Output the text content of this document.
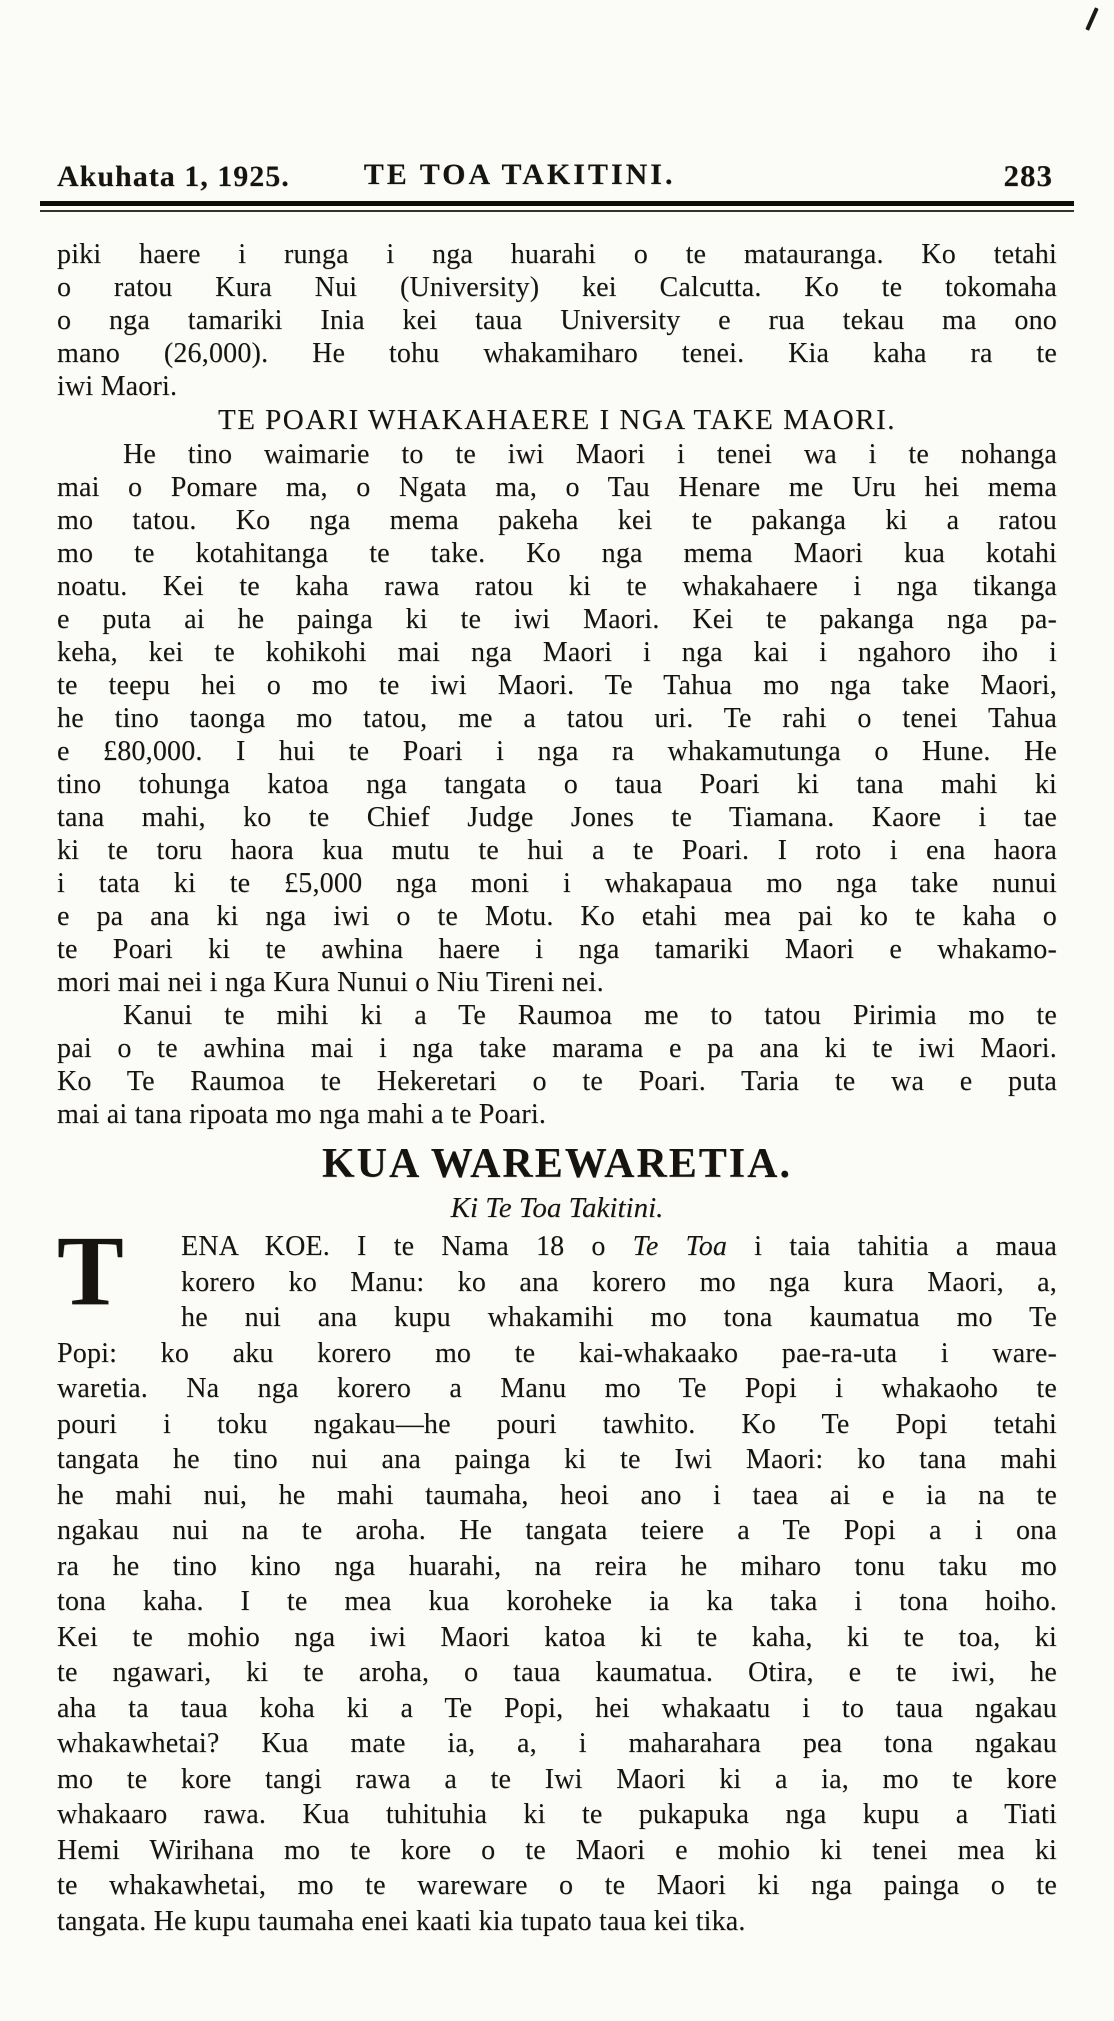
Akuhata 1, 1925. TE TOA TAKITINI.	283
piki haere i runga i nga huarahi o te matauranga. Ko tetahi
o ratou Kura Nui (University) kei Calcutta. Ko te tokomaha
o nga tamariki Inia kei taua University e rua tekau ma ono
mano (26,000). He tohu whakamiharo tenei. Kia kaha ra te
iwi Maori.
TE POARI WHAKAHAERE I NGA TAKE MAORI.
He tino waimarie to te iwi Maori i tenei wa i te nohanga
mai o Pomare ma, o Ngata ma, o Tau Henare me Uru hei mema
mo tatou. Ko nga mema pakeha kei te pakanga ki a ratou
mo te kotahitanga te take. Ko nga mema Maori kua kotahi
noatu. Kei te kaha rawa ratou ki te whakahaere i nga tikanga
e puta ai he painga ki te iwi Maori. Kei te pakanga nga pa-
keha, kei te kohikohi mai nga Maori i nga kai i ngahoro iho i
te teepu hei o mo te iwi Maori. Te Tahua mo nga take Maori,
he tino taonga mo tatou, me a tatou uri. Te rahi o tenei Tahua
e £80,000. I hui te Poari i nga ra whakamutunga o Hune. He
tino tohunga katoa nga tangata o taua Poari ki tana mahi ki
tana mahi, ko te Chief Judge Jones te Tiamana. Kaore i tae
ki te toru haora kua mutu te hui a te Poari. I roto i ena haora
i tata ki te £5,000 nga moni i whakapaua mo nga take nunui
e pa ana ki nga iwi o te Motu. Ko etahi mea pai ko te kaha o
te Poari ki te awhina haere i nga tamariki Maori e whakamo-
mori mai nei i nga Kura Nunui o Niu Tireni nei.
Kanui te mihi ki a Te Raumoa me to tatou Pirimia mo te
pai o te awhina mai i nga take marama e pa ana ki te iwi Maori.
Ko Te Raumoa te Hekeretari o te Poari. Taria te wa e puta
mai ai tana ripoata mo nga mahi a te Poari.
KUA WAREWARETIA.
Ki Te Toa Takitini.
T	ENA KOE. I te Nama 18 o Te Toa i taia tahitia a maua
korero ko Manu: ko ana korero mo nga kura Maori, a,
he nui ana kupu whakamihi mo tona kaumatua mo Te
Popi: ko aku korero mo te kai-whakaako pae-ra-uta i ware-
waretia. Na nga korero a Manu mo Te Popi i whakaoho te
pouri i toku ngakau—he pouri tawhito. Ko Te Popi tetahi
tangata he tino nui ana painga ki te Iwi Maori: ko tana mahi
he mahi nui, he mahi taumaha, heoi ano i taea ai e ia na te
ngakau nui na te aroha. He tangata teiere a Te Popi a i ona
ra he tino kino nga huarahi, na reira he miharo tonu taku mo
tona kaha. I te mea kua koroheke ia ka taka i tona hoiho.
Kei te mohio nga iwi Maori katoa ki te kaha, ki te toa, ki
te ngawari, ki te aroha, o taua kaumatua. Otira, e te iwi, he
aha ta taua koha ki a Te Popi, hei whakaatu i to taua ngakau
whakawhetai? Kua mate ia, a, i maharahara pea tona ngakau
mo te kore tangi rawa a te Iwi Maori ki a ia, mo te kore
whakaaro rawa. Kua tuhituhia ki te pukapuka nga kupu a Tiati
Hemi Wirihana mo te kore o te Maori e mohio ki tenei mea ki
te whakawhetai, mo te wareware o te Maori ki nga painga o te
tangata. He kupu taumaha enei kaati kia tupato taua kei tika.
